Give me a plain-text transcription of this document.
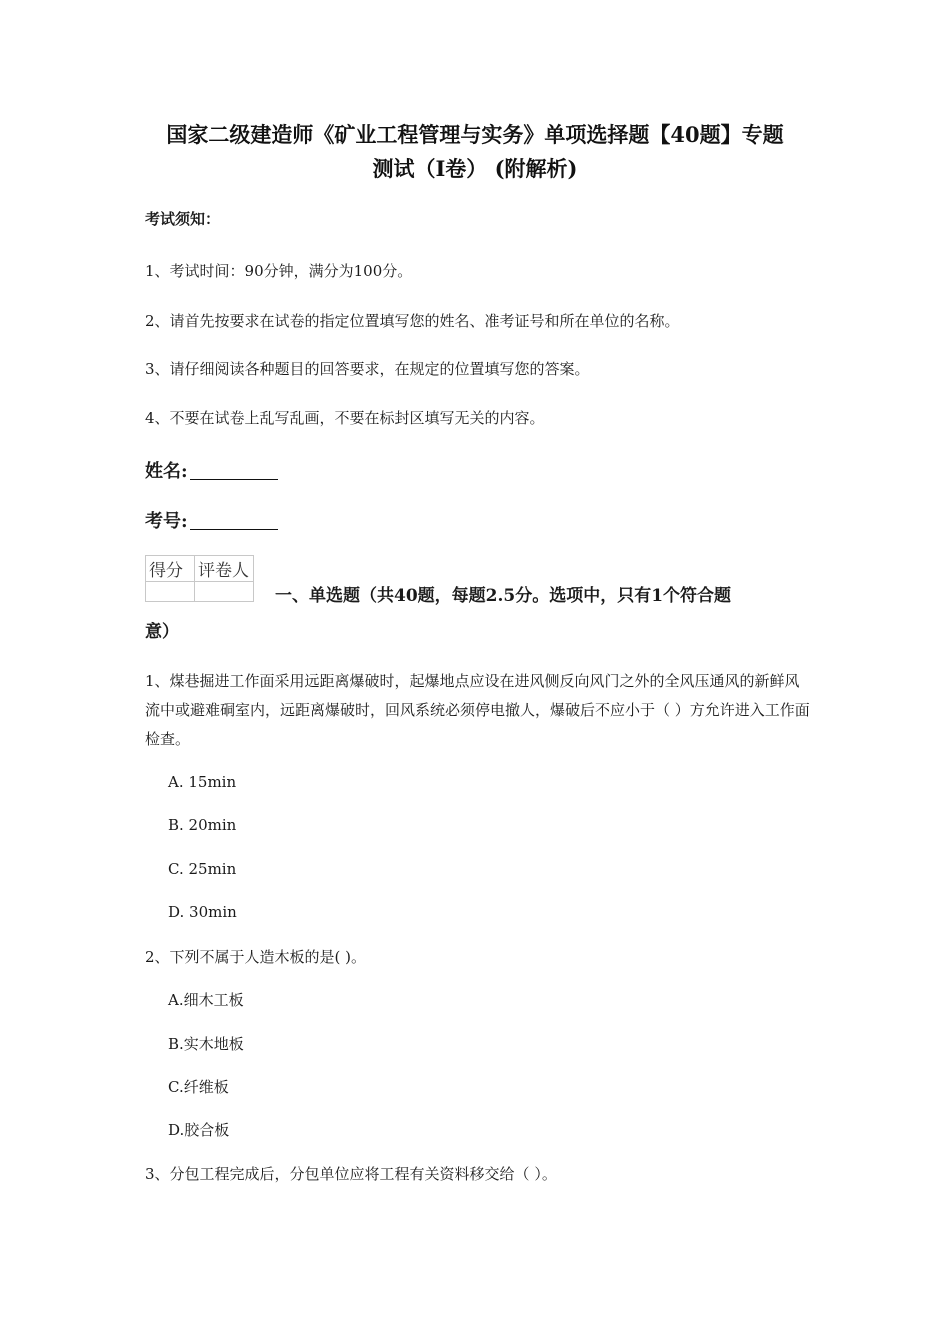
国家二级建造师《矿业工程管理与实务》单项选择题【40题】专题
测试（I卷） (附解析)
考试须知：
1、考试时间：90分钟，满分为100分。
2、请首先按要求在试卷的指定位置填写您的姓名、准考证号和所在单位的名称。
3、请仔细阅读各种题目的回答要求，在规定的位置填写您的答案。
4、不要在试卷上乱写乱画，不要在标封区填写无关的内容。
姓名:
考号:
得分	评卷人

一、单选题（共40题，每题2.5分。选项中，只有1个符合题
意）
1、煤巷掘进工作面采用远距离爆破时，起爆地点应设在进风侧反向风门之外的全风压通风的新鲜风流中或避难硐室内，远距离爆破时，回风系统必须停电撤人，爆破后不应小于（ ）方允许进入工作面检查。
A. 15min
B. 20min
C. 25min
D. 30min
2、下列不属于人造木板的是( )。
A.细木工板
B.实木地板
C.纤维板
D.胶合板
3、分包工程完成后，分包单位应将工程有关资料移交给（ ）。
